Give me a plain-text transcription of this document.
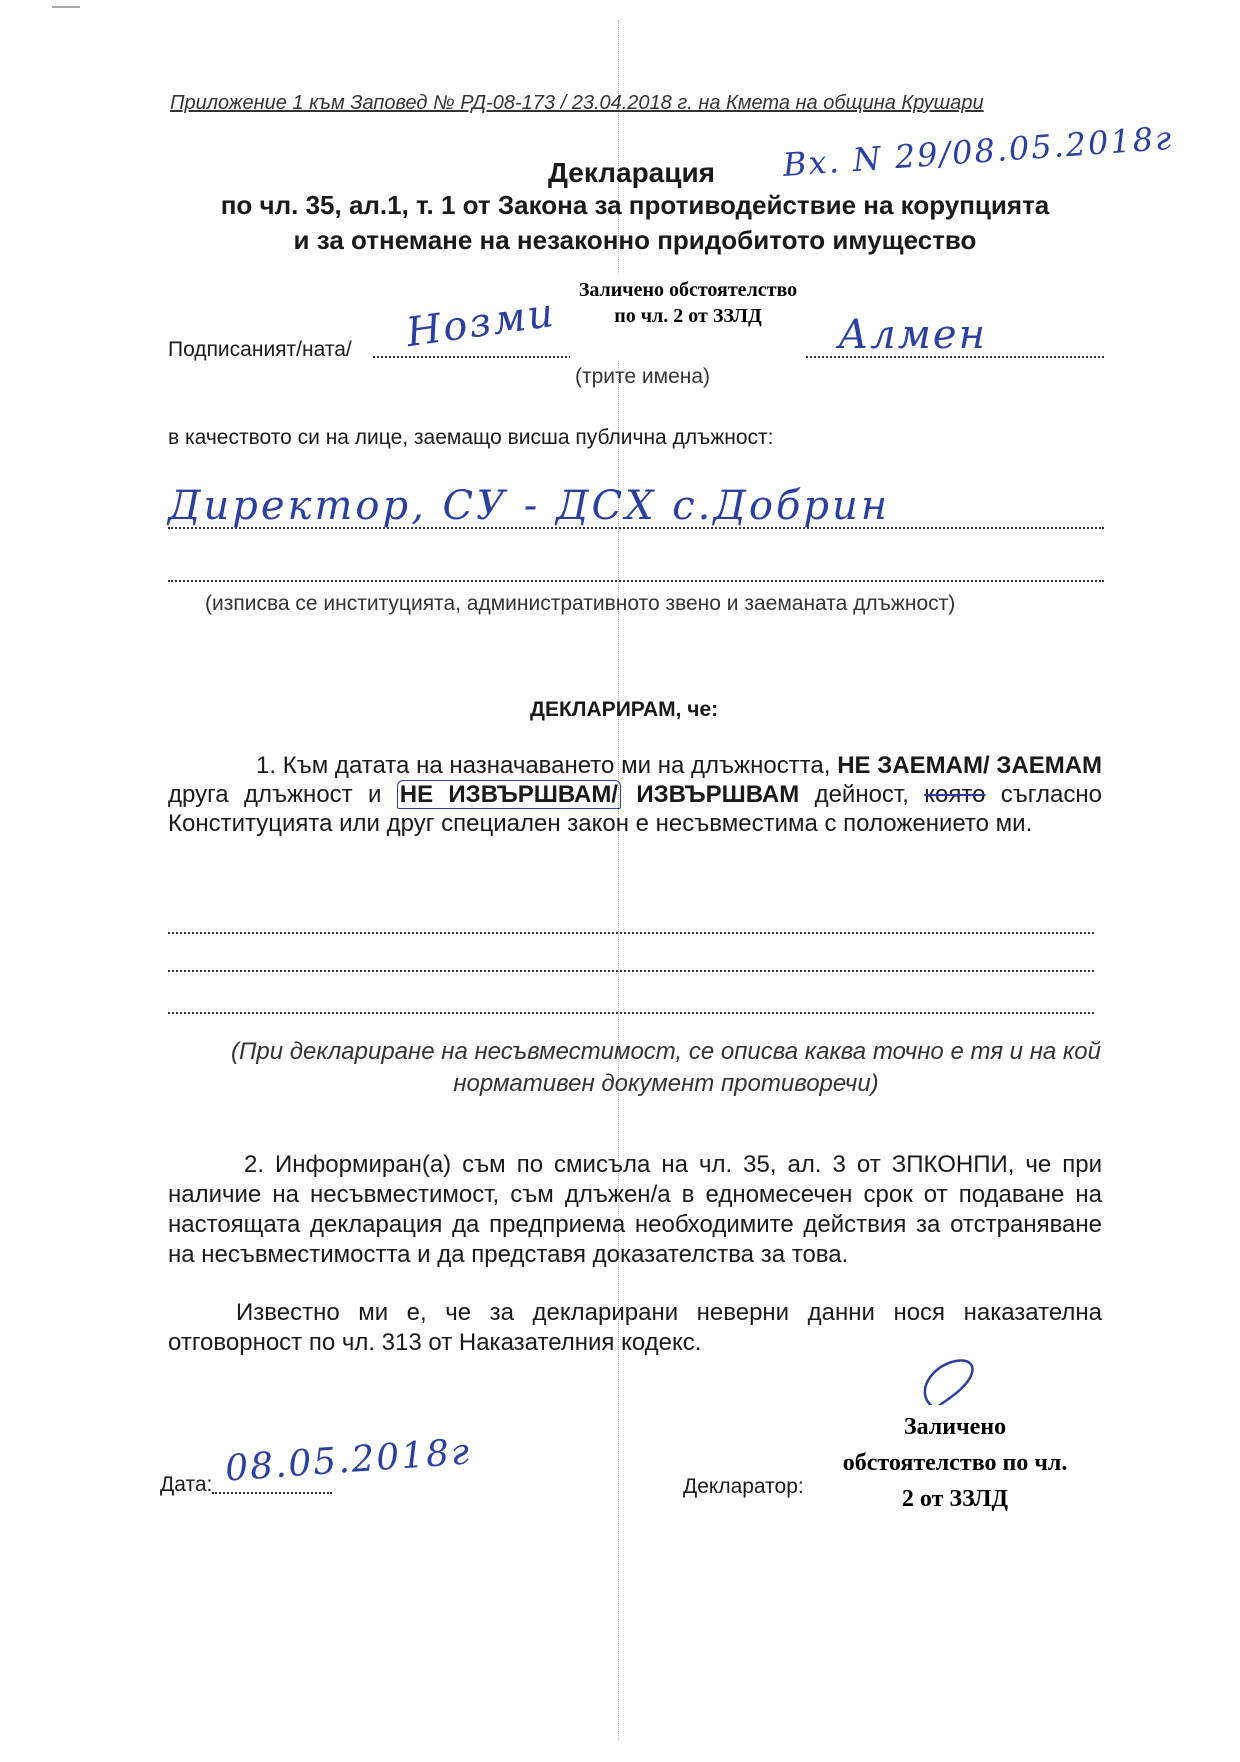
Приложение 1 към Заповед № РД-08-173 / 23.04.2018 г. на Кмета на община Крушари
Вх. N 29/08.05.2018г
Декларация
по чл. 35, ал.1, т. 1 от Закона за противодействие на корупцията
и за отнемане на незаконно придобитото имущество
Подписаният/ната/ Нозми	Алмен
Заличено обстоятелство
по чл. 2 от ЗЗЛД
(трите имена)
в качеството си на лице, заемащо висша публична длъжност:
Директор, СУ - ДСХ с.Добрин
(изписва се институцията, административното звено и заеманата длъжност)
ДЕКЛАРИРАМ, че:
1. Към датата на назначаването ми на длъжността, НЕ ЗАЕМАМ/ ЗАЕМАМ друга длъжност и НЕ ИЗВЪРШВАМ/ ИЗВЪРШВАМ дейност, която съгласно Конституцията или друг специален закон е несъвместима с положението ми.
(При деклариране на несъвместимост, се описва каква точно е тя и на кой нормативен документ противоречи)
2. Информиран(а) съм по смисъла на чл. 35, ал. 3 от ЗПКОНПИ, че при наличие на несъвместимост, съм длъжен/а в едномесечен срок от подаване на настоящата декларация да предприема необходимите действия за отстраняване на несъвместимостта и да представя доказателства за това.
Известно ми е, че за декларирани неверни данни нося наказателна отговорност по чл. 313 от Наказателния кодекс.
Дата: 08.05.2018г	Декларатор:
Заличено
обстоятелство по чл.
2 от ЗЗЛД
